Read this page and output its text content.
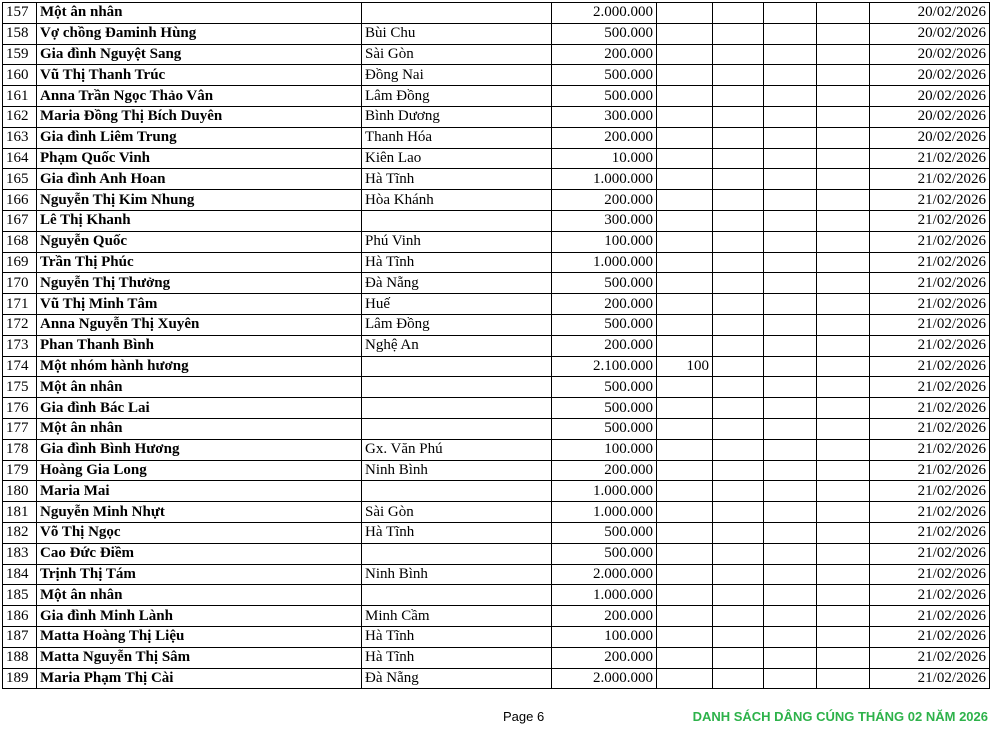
157	Một ân nhân		2.000.000					20/02/2026
158	Vợ chồng Đaminh Hùng	Bùi Chu	500.000					20/02/2026
159	Gia đình Nguyệt Sang	Sài Gòn	200.000					20/02/2026
160	Vũ Thị Thanh Trúc	Đồng Nai	500.000					20/02/2026
161	Anna Trần Ngọc Thảo Vân	Lâm Đồng	500.000					20/02/2026
162	Maria Đồng Thị Bích Duyên	Bình Dương	300.000					20/02/2026
163	Gia đình Liêm Trung	Thanh Hóa	200.000					20/02/2026
164	Phạm Quốc Vinh	Kiên Lao	10.000					21/02/2026
165	Gia đình Anh Hoan	Hà Tĩnh	1.000.000					21/02/2026
166	Nguyễn Thị Kim Nhung	Hòa Khánh	200.000					21/02/2026
167	Lê Thị Khanh		300.000					21/02/2026
168	Nguyễn Quốc	Phú Vinh	100.000					21/02/2026
169	Trần Thị Phúc	Hà Tĩnh	1.000.000					21/02/2026
170	Nguyễn Thị Thưởng	Đà Nẵng	500.000					21/02/2026
171	Vũ Thị Minh Tâm	Huế	200.000					21/02/2026
172	Anna Nguyễn Thị Xuyên	Lâm Đồng	500.000					21/02/2026
173	Phan Thanh Bình	Nghệ An	200.000					21/02/2026
174	Một nhóm hành hương		2.100.000	100				21/02/2026
175	Một ân nhân		500.000					21/02/2026
176	Gia đình Bác Lai		500.000					21/02/2026
177	Một ân nhân		500.000					21/02/2026
178	Gia đình Bình Hương	Gx. Văn Phú	100.000					21/02/2026
179	Hoàng Gia Long	Ninh Bình	200.000					21/02/2026
180	Maria Mai		1.000.000					21/02/2026
181	Nguyễn Minh Nhựt	Sài Gòn	1.000.000					21/02/2026
182	Võ Thị Ngọc	Hà Tĩnh	500.000					21/02/2026
183	Cao Đức Điềm		500.000					21/02/2026
184	Trịnh Thị Tám	Ninh Bình	2.000.000					21/02/2026
185	Một ân nhân		1.000.000					21/02/2026
186	Gia đình Minh Lành	Minh Cầm	200.000					21/02/2026
187	Matta Hoàng Thị Liệu	Hà Tĩnh	100.000					21/02/2026
188	Matta Nguyễn Thị Sâm	Hà Tĩnh	200.000					21/02/2026
189	Maria Phạm Thị Cài	Đà Nẵng	2.000.000					21/02/2026
Page 6	DANH SÁCH DÂNG CÚNG THÁNG 02 NĂM 2026
